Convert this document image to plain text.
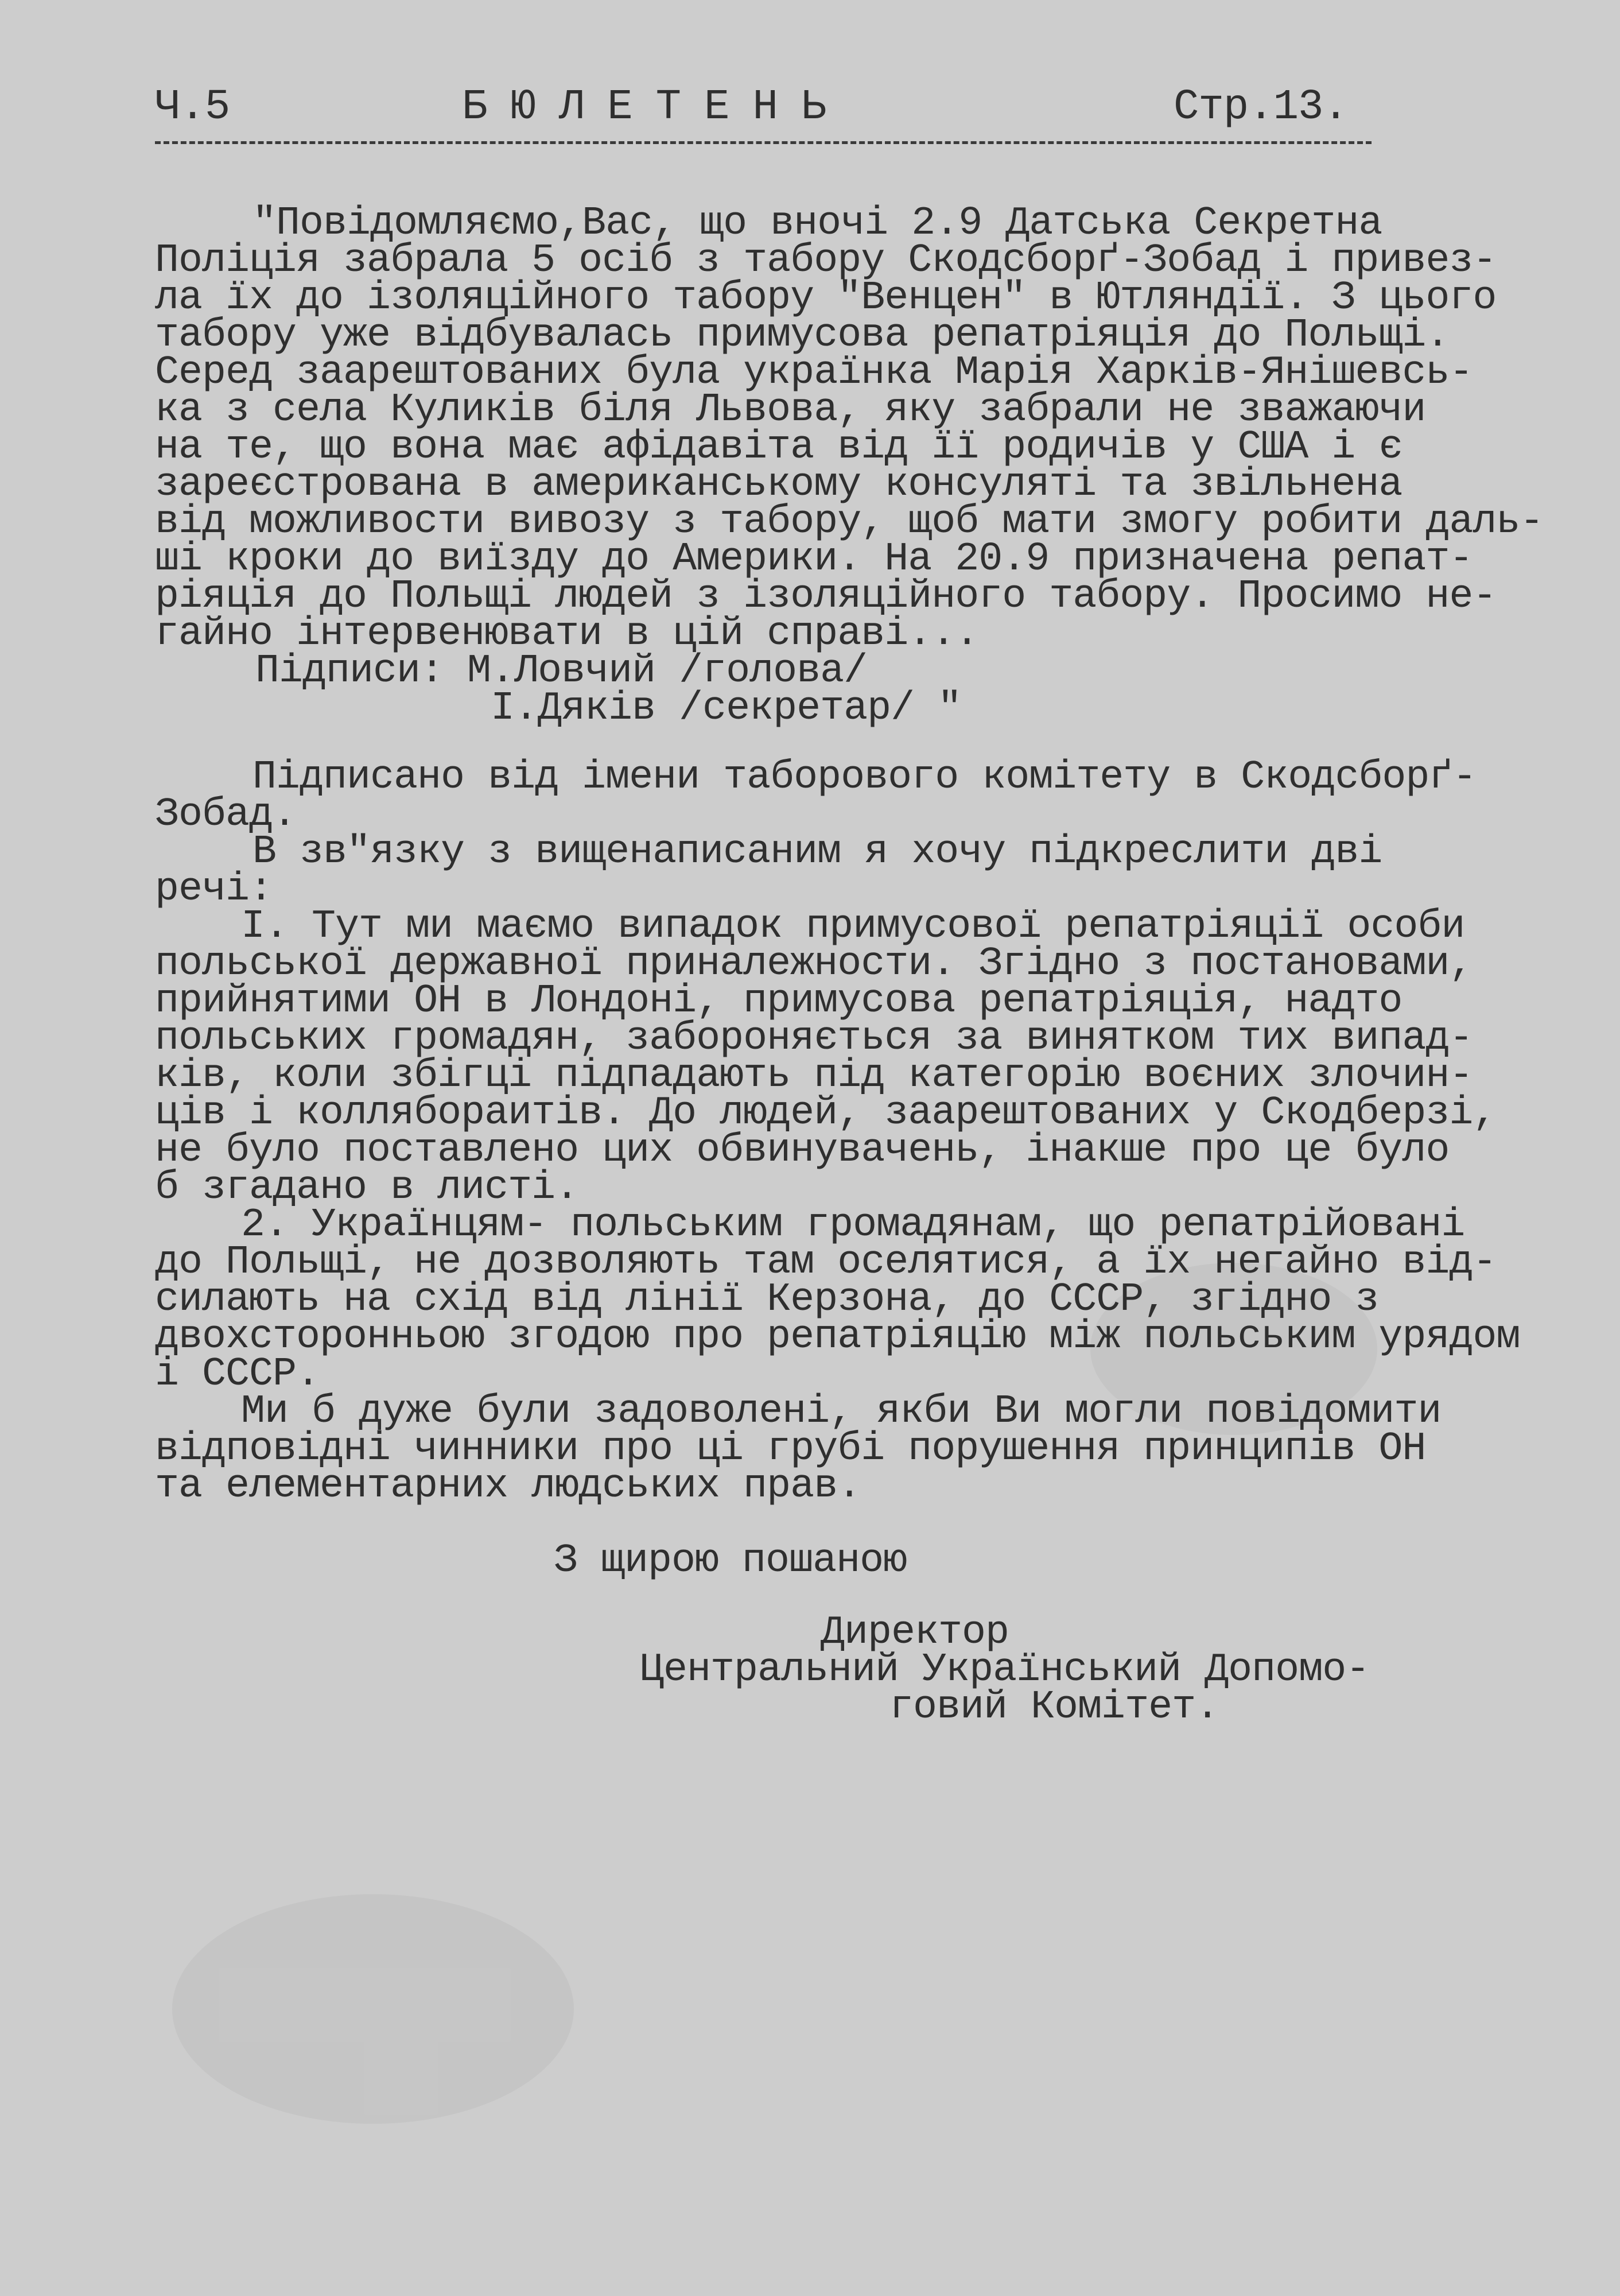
Ч.5	БЮЛЕТЕНЬ	Стр.13.
"Повідомляємо,Вас, що вночі 2.9 Датська Секретна
Поліція забрала 5 осіб з табору Скодсборґ-Зобад і привез-
ла їх до ізоляційного табору "Венцен" в Ютляндії. З цього
табору уже відбувалась примусова репатріяція до Польщі.
Серед заарештованих була українка Марія Харків-Янішевсь-
ка з села Куликів біля Львова, яку забрали не зважаючи
на те, що вона має афідавіта від її родичів у США і є
зареєстрована в американському консуляті та звільнена
від можливости вивозу з табору, щоб мати змогу робити даль-
ші кроки до виїзду до Америки. На 20.9 призначена репат-
ріяція до Польщі людей з ізоляційного табору. Просимо не-
гайно інтервенювати в цій справі...
Підписи: М.Ловчий /голова/
І.Дяків /секретар/ "
Підписано від імени таборового комітету в Скодсборґ-
Зобад.
В зв"язку з вищенаписаним я хочу підкреслити дві
речі:
І. Тут ми маємо випадок примусової репатріяції особи
польської державної приналежности. Згідно з постановами,
прийнятими ОН в Лондоні, примусова репатріяція, надто
польських громадян, забороняється за винятком тих випад-
ків, коли збігці підпадають під категорію воєних злочин-
ців і коллябораитів. До людей, заарештованих у Скодберзі,
не було поставлено цих обвинувачень, інакше про це було
б згадано в листі.
2. Українцям- польським громадянам, що репатрійовані
до Польщі, не дозволяють там оселятися, а їх негайно від-
силають на схід від лінії Керзона, до СССР, згідно з
двохсторонньою згодою про репатріяцію між польським урядом
і СССР.
Ми б дуже були задоволені, якби Ви могли повідомити
відповідні чинники про ці грубі порушення принципів ОН
та елементарних людських прав.
З щирою пошаною
Директор
Центральний Український Допомо-
говий Комітет.
